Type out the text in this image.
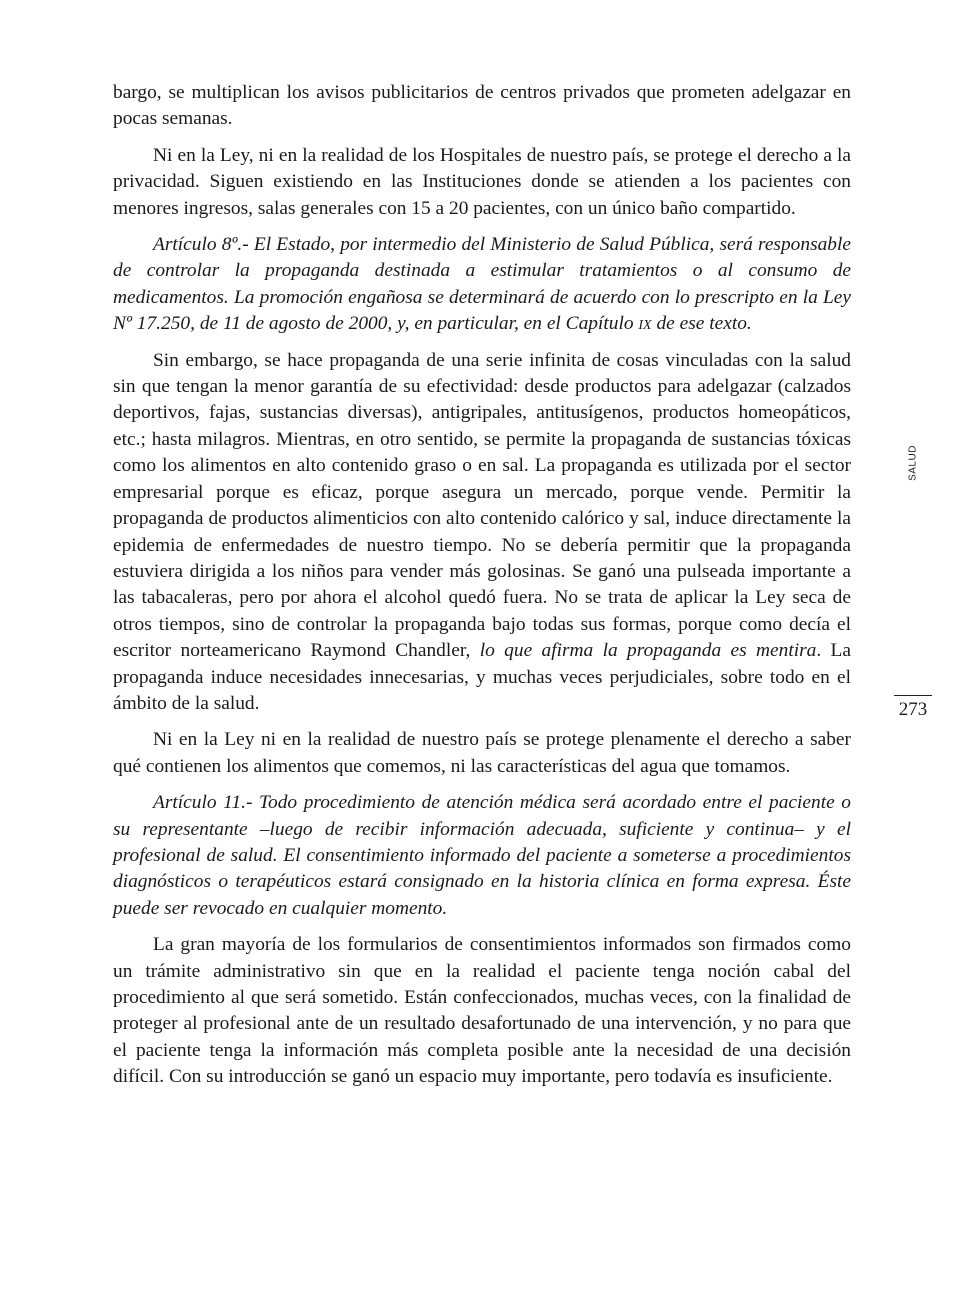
bargo, se multiplican los avisos publicitarios de centros privados que prometen adelgazar en pocas semanas.

Ni en la Ley, ni en la realidad de los Hospitales de nuestro país, se protege el derecho a la privacidad. Siguen existiendo en las Instituciones donde se atienden a los pacientes con menores ingresos, salas generales con 15 a 20 pacientes, con un único baño compartido.

Artículo 8º.- El Estado, por intermedio del Ministerio de Salud Pública, será responsable de controlar la propaganda destinada a estimular tratamientos o al consumo de medicamentos. La promoción engañosa se determinará de acuerdo con lo prescripto en la Ley Nº 17.250, de 11 de agosto de 2000, y, en particular, en el Capítulo ix de ese texto.

Sin embargo, se hace propaganda de una serie infinita de cosas vinculadas con la salud sin que tengan la menor garantía de su efectividad: desde productos para adelgazar (calzados deportivos, fajas, sustancias diversas), antigripales, antitusígenos, productos homeopáticos, etc.; hasta milagros. Mientras, en otro sentido, se permite la propaganda de sustancias tóxicas como los alimentos en alto contenido graso o en sal. La propaganda es utilizada por el sector empresarial porque es eficaz, porque asegura un mercado, porque vende. Permitir la propaganda de productos alimenticios con alto contenido calórico y sal, induce directamente la epidemia de enfermedades de nuestro tiempo. No se debería permitir que la propaganda estuviera dirigida a los niños para vender más golosinas. Se ganó una pulseada importante a las tabacaleras, pero por ahora el alcohol quedó fuera. No se trata de aplicar la Ley seca de otros tiempos, sino de controlar la propaganda bajo todas sus formas, porque como decía el escritor norteamericano Raymond Chandler, lo que afirma la propaganda es mentira. La propaganda induce necesidades innecesarias, y muchas veces perjudiciales, sobre todo en el ámbito de la salud.

Ni en la Ley ni en la realidad de nuestro país se protege plenamente el derecho a saber qué contienen los alimentos que comemos, ni las características del agua que tomamos.

Artículo 11.- Todo procedimiento de atención médica será acordado entre el paciente o su representante –luego de recibir información adecuada, suficiente y continua– y el profesional de salud. El consentimiento informado del paciente a someterse a procedimientos diagnósticos o terapéuticos estará consignado en la historia clínica en forma expresa. Éste puede ser revocado en cualquier momento.

La gran mayoría de los formularios de consentimientos informados son firmados como un trámite administrativo sin que en la realidad el paciente tenga noción cabal del procedimiento al que será sometido. Están confeccionados, muchas veces, con la finalidad de proteger al profesional ante de un resultado desafortunado de una intervención, y no para que el paciente tenga la información más completa posible ante la necesidad de una decisión difícil. Con su introducción se ganó un espacio muy importante, pero todavía es insuficiente.

SALUD
273
